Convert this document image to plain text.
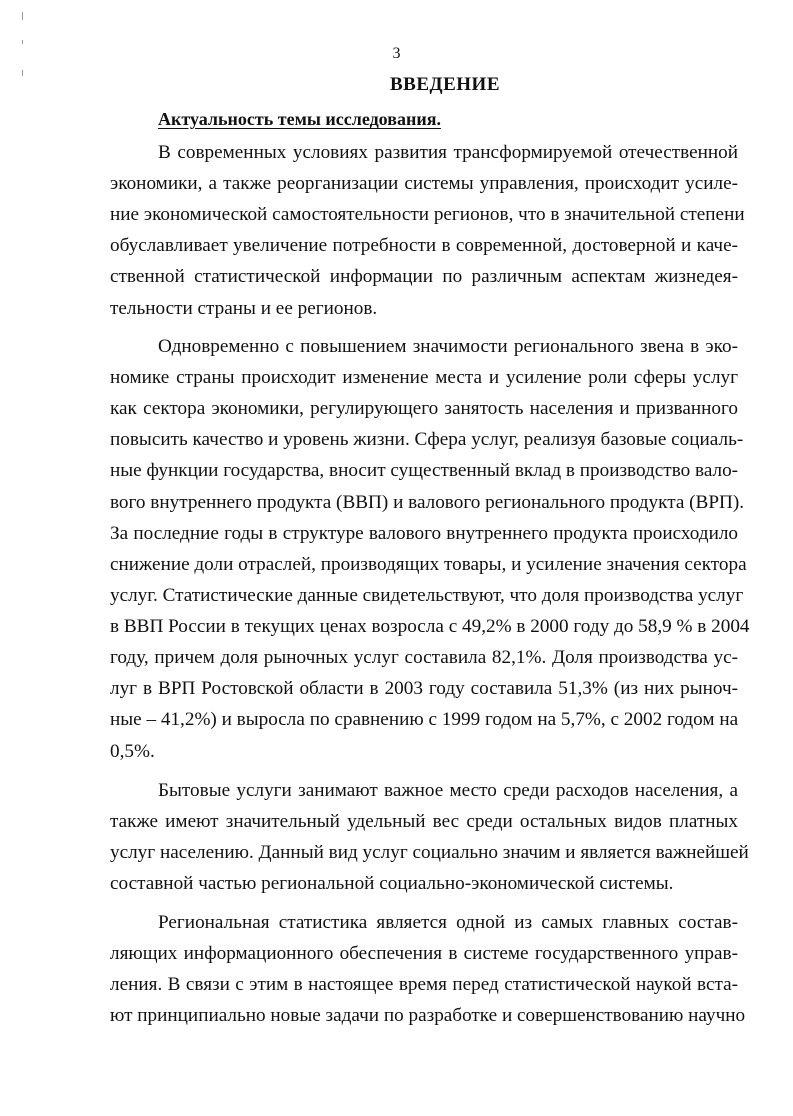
3
ВВЕДЕНИЕ
Актуальность темы исследования.
В современных условиях развития трансформируемой отечественной
экономики, а также реорганизации системы управления, происходит усиле-
ние экономической самостоятельности регионов, что в значительной степени
обуславливает увеличение потребности в современной, достоверной и каче-
ственной статистической информации по различным аспектам жизнедея-
тельности страны и ее регионов.
Одновременно с повышением значимости регионального звена в эко-
номике страны происходит изменение места и усиление роли сферы услуг
как сектора экономики, регулирующего занятость населения и призванного
повысить качество и уровень жизни. Сфера услуг, реализуя базовые социаль-
ные функции государства, вносит существенный вклад в производство вало-
вого внутреннего продукта (ВВП) и валового регионального продукта (ВРП).
За последние годы в структуре валового внутреннего продукта происходило
снижение доли отраслей, производящих товары, и усиление значения сектора
услуг. Статистические данные свидетельствуют, что доля производства услуг
в ВВП России в текущих ценах возросла с 49,2% в 2000 году до 58,9 % в 2004
году, причем доля рыночных услуг составила 82,1%. Доля производства ус-
луг в ВРП Ростовской области в 2003 году составила 51,3% (из них рыноч-
ные – 41,2%) и выросла по сравнению с 1999 годом на 5,7%, с 2002 годом на
0,5%.
Бытовые услуги занимают важное место среди расходов населения, а
также имеют значительный удельный вес среди остальных видов платных
услуг населению. Данный вид услуг социально значим и является важнейшей
составной частью региональной социально-экономической системы.
Региональная статистика является одной из самых главных состав-
ляющих информационного обеспечения в системе государственного управ-
ления. В связи с этим в настоящее время перед статистической наукой вста-
ют принципиально новые задачи по разработке и совершенствованию научно
